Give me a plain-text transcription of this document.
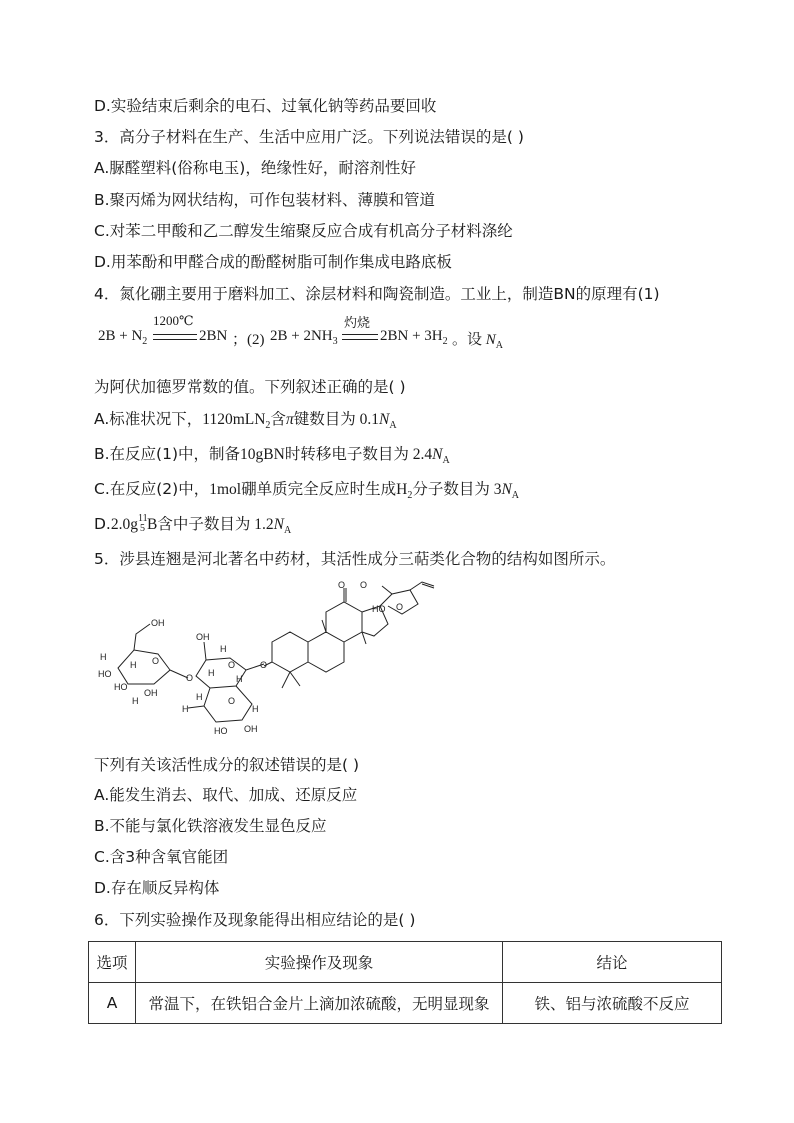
D.实验结束后剩余的电石、过氧化钠等药品要回收
3．高分子材料在生产、生活中应用广泛。下列说法错误的是( )
A.脲醛塑料(俗称电玉)，绝缘性好，耐溶剂性好
B.聚丙烯为网状结构，可作包装材料、薄膜和管道
C.对苯二甲酸和乙二醇发生缩聚反应合成有机高分子材料涤纶
D.用苯酚和甲醛合成的酚醛树脂可制作集成电路底板
4．氮化硼主要用于磨料加工、涂层材料和陶瓷制造。工业上，制造BN的原理有(1)
$2B + N_2$
1200℃
2BN ；(2) $2B + 2NH_3$
灼烧
$2BN + 3H_2$ 。设 $N_A$
为阿伏加德罗常数的值。下列叙述正确的是( )
A.标准状况下，1120mLN$_2$含π键数目为 $0.1N_A$
B.在反应(1)中，制备10gBN时转移电子数目为 $2.4N_A$
C.在反应(2)中，1mol硼单质完全反应时生成$H_2$分子数目为 $3N_A$
D.2.0g 11
5 B含中子数目为 $1.2N_A$
5．涉县连翘是河北著名中药材，其活性成分三萜类化合物的结构如图所示。
OH
H
HO
HO
H
OH
O
H
O
OH
H
O	O
H
H
H
H
HO OH
H
O
O
O
O
HO
下列有关该活性成分的叙述错误的是( )
A.能发生消去、取代、加成、还原反应
B.不能与氯化铁溶液发生显色反应
C.含3种含氧官能团
D.存在顺反异构体
6．下列实验操作及现象能得出相应结论的是( )
选项	实验操作及现象	结论
A	常温下，在铁铝合金片上滴加浓硫酸，无明显现象	铁、铝与浓硫酸不反应
